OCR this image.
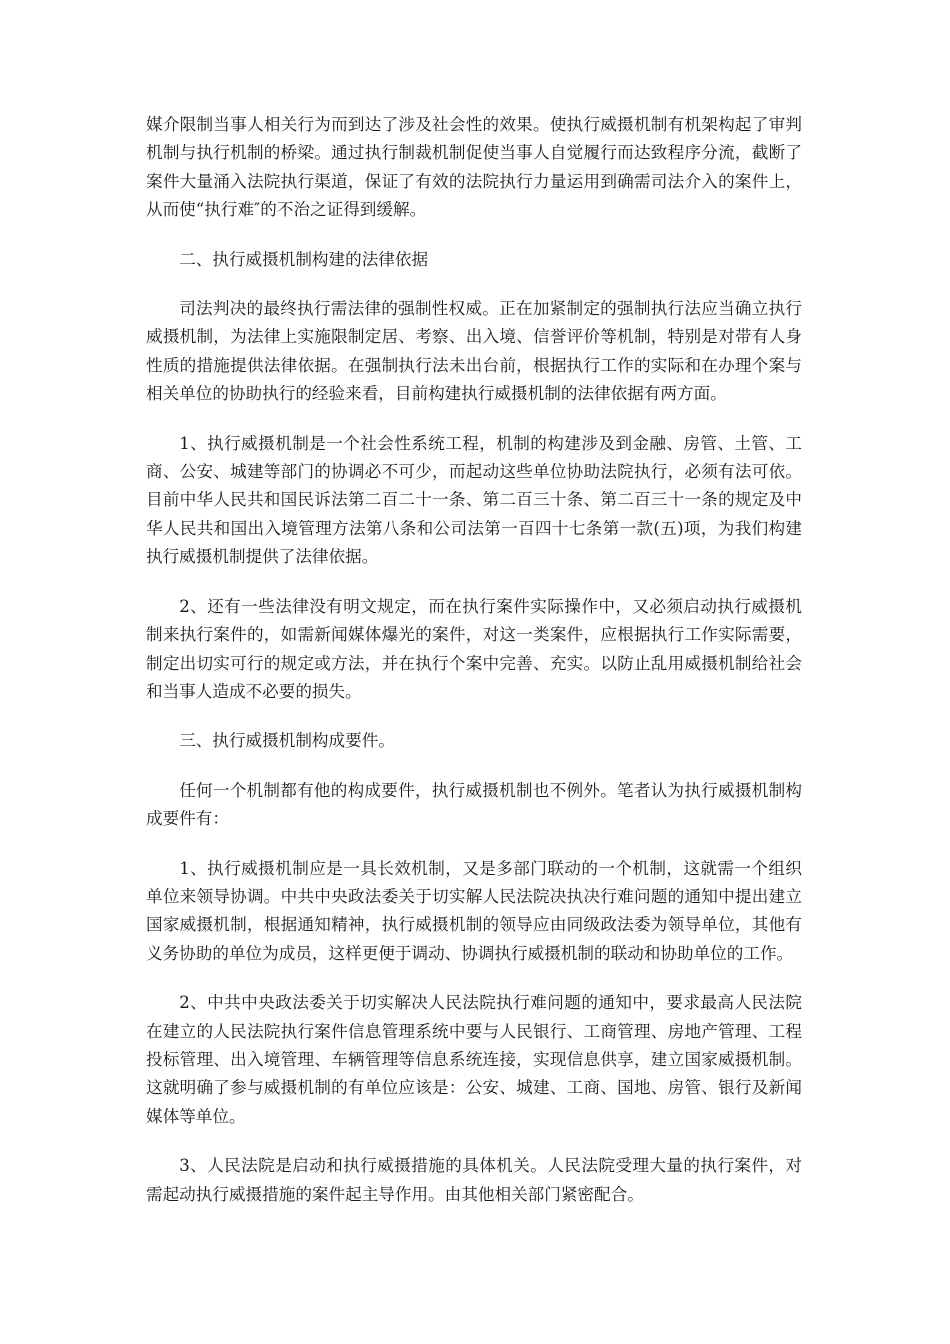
媒介限制当事人相关行为而到达了涉及社会性的效果。使执行威摄机制有机架构起了审判机制与执行机制的桥梁。通过执行制裁机制促使当事人自觉履行而达致程序分流，截断了案件大量涌入法院执行渠道，保证了有效的法院执行力量运用到确需司法介入的案件上，从而使“执行难″的不治之证得到缓解。

二、执行威摄机制构建的法律依据

司法判决的最终执行需法律的强制性权威。正在加紧制定的强制执行法应当确立执行威摄机制，为法律上实施限制定居、考察、出入境、信誉评价等机制，特别是对带有人身性质的措施提供法律依据。在强制执行法未出台前，根据执行工作的实际和在办理个案与相关单位的协助执行的经验来看，目前构建执行威摄机制的法律依据有两方面。

1、执行威摄机制是一个社会性系统工程，机制的构建涉及到金融、房管、土管、工商、公安、城建等部门的协调必不可少，而起动这些单位协助法院执行，必须有法可依。目前中华人民共和国民诉法第二百二十一条、第二百三十条、第二百三十一条的规定及中华人民共和国出入境管理方法第八条和公司法第一百四十七条第一款(五)项，为我们构建执行威摄机制提供了法律依据。

2、还有一些法律没有明文规定，而在执行案件实际操作中，又必须启动执行威摄机制来执行案件的，如需新闻媒体爆光的案件，对这一类案件，应根据执行工作实际需要，制定出切实可行的规定或方法，并在执行个案中完善、充实。以防止乱用威摄机制给社会和当事人造成不必要的损失。

三、执行威摄机制构成要件。

任何一个机制都有他的构成要件，执行威摄机制也不例外。笔者认为执行威摄机制构成要件有：

1、执行威摄机制应是一具长效机制，又是多部门联动的一个机制，这就需一个组织单位来领导协调。中共中央政法委关于切实解人民法院决执决行难问题的通知中提出建立国家威摄机制，根据通知精神，执行威摄机制的领导应由同级政法委为领导单位，其他有义务协助的单位为成员，这样更便于调动、协调执行威摄机制的联动和协助单位的工作。

2、中共中央政法委关于切实解决人民法院执行难问题的通知中，要求最高人民法院在建立的人民法院执行案件信息管理系统中要与人民银行、工商管理、房地产管理、工程投标管理、出入境管理、车辆管理等信息系统连接，实现信息供享，建立国家威摄机制。这就明确了参与威摄机制的有单位应该是：公安、城建、工商、国地、房管、银行及新闻媒体等单位。

3、人民法院是启动和执行威摄措施的具体机关。人民法院受理大量的执行案件，对需起动执行威摄措施的案件起主导作用。由其他相关部门紧密配合。
